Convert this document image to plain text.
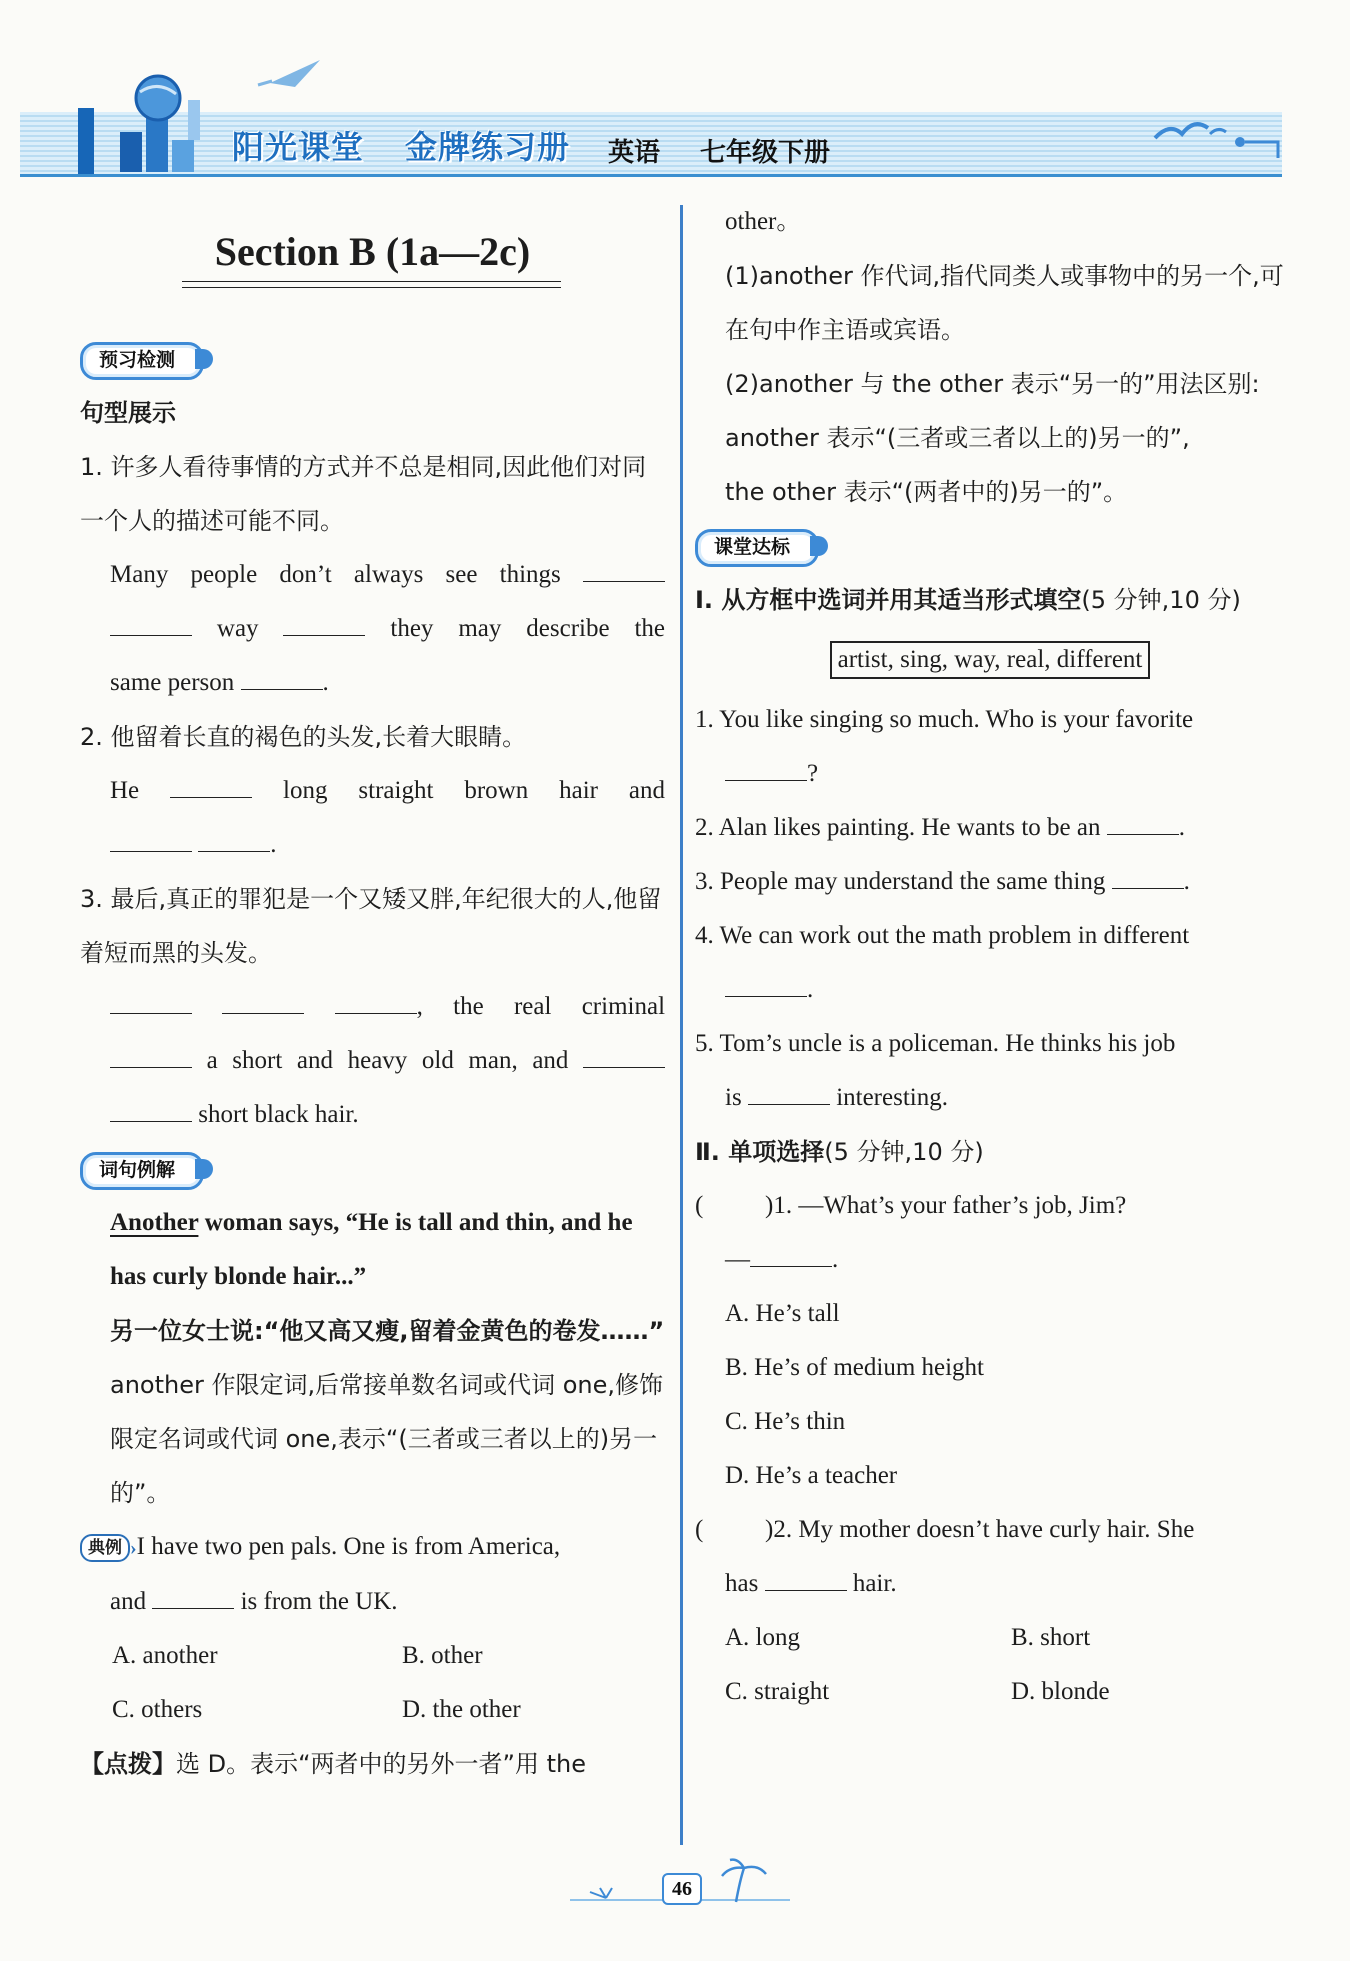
阳光课堂 金牌练习册 英语 七年级下册
Section B (1a—2c)
预习检测
句型展示

1. 许多人看待事情的方式并不总是相同,因此他们对同一个人的描述可能不同。

Many people don’t always see things

way	they may describe the

same person	.

2. 他留着长直的褐色的头发,长着大眼睛。

He	long straight brown hair and

.

3. 最后,真正的罪犯是一个又矮又胖,年纪很大的人,他留着短而黑的头发。

, the real criminal

a short and heavy old man, and

short black hair.

词句例解

Another woman says, “He is tall and thin, and he has curly blonde hair...”

另一位女士说:“他又高又瘦,留着金黄色的卷发……”

another 作限定词,后常接单数名词或代词 one,修饰限定名词或代词 one,表示“(三者或三者以上的)另一的”。

典例 ›I have two pen pals. One is from America,

and	is from the UK.

A. another	B. other
C. others	D. the other

【点拨】选 D。表示“两者中的另外一者”用 the

other。

(1)another 作代词,指代同类人或事物中的另一个,可在句中作主语或宾语。

(2)another 与 the other 表示“另一的”用法区别:

another 表示“(三者或三者以上的)另一的”,

the other 表示“(两者中的)另一的”。

课堂达标

Ⅰ. 从方框中选词并用其适当形式填空(5 分钟,10 分)

artist, sing, way, real, different

1. You like singing so much. Who is your favorite

?

2. Alan likes painting. He wants to be an	.

3. People may understand the same thing	.

4. We can work out the math problem in different

.

5. Tom’s uncle is a policeman. He thinks his job

is	interesting.

Ⅱ. 单项选择(5 分钟,10 分)

( )1. —What’s your father’s job, Jim?

—	.

A. He’s tall

B. He’s of medium height

C. He’s thin

D. He’s a teacher

( )2. My mother doesn’t have curly hair. She

has	hair.

A. long	B. short
C. straight	D. blonde
46
